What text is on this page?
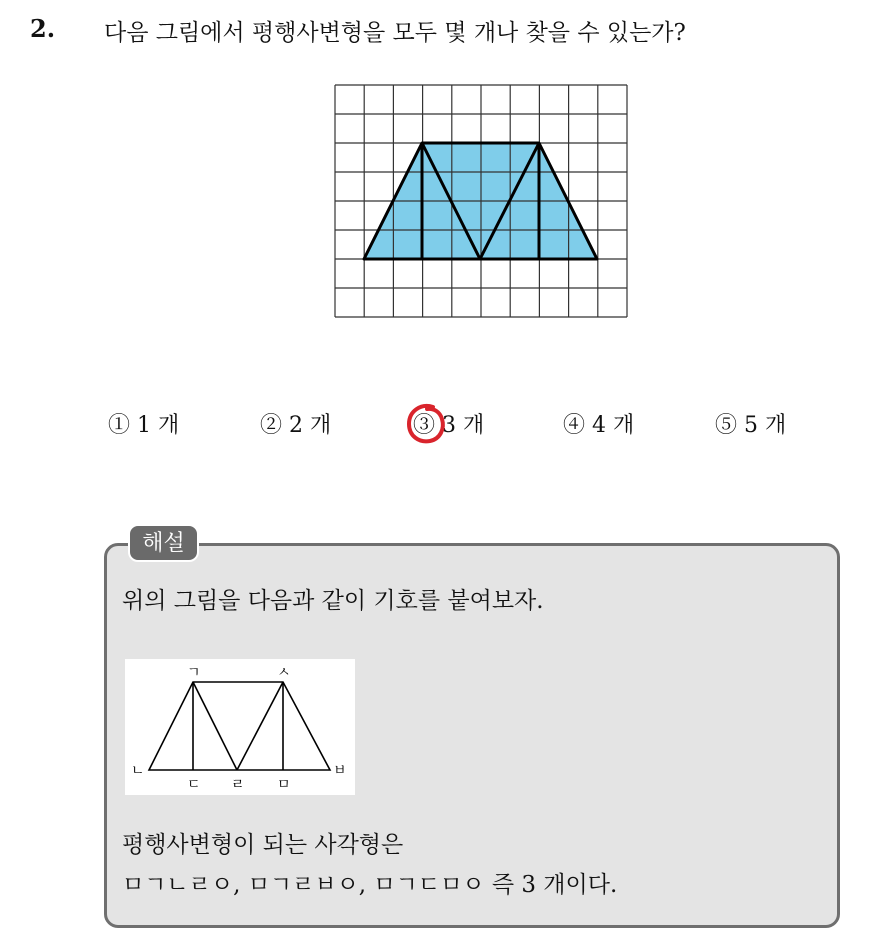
2. 다음 그림에서 평행사변형을 모두 몇 개나 찾을 수 있는가?
① 1 개	② 2 개	③ 3 개	④ 4 개	⑤ 5 개
해설
위의 그림을 다음과 같이 기호를 붙여보자.
ㄱ	ㅅ
ㄴ
ㄷ ㄹ ㅁ
ㅂ
평행사변형이 되는 사각형은
ㅁㄱㄴㄹㅇ, ㅁㄱㄹㅂㅇ, ㅁㄱㄷㅁㅇ 즉 3 개이다.
